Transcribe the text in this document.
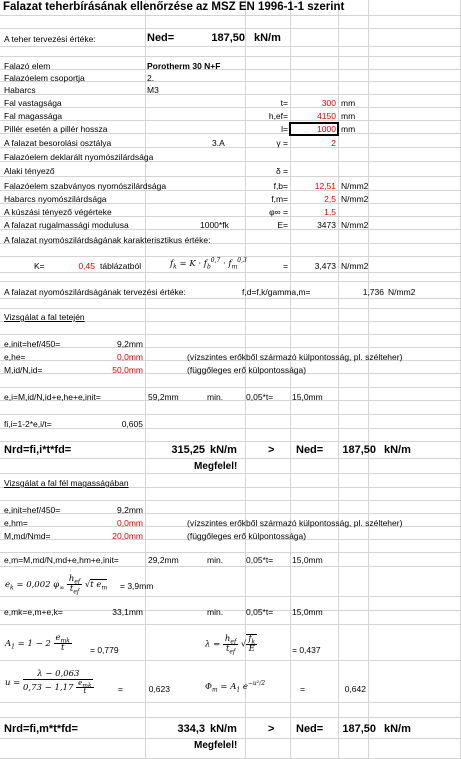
Falazat teherbírásának ellenőrzése az MSZ EN 1996-1-1 szerint
A teher tervezési értéke:	Ned=	187,50 kN/m
Falazó elem	Porotherm 30 N+F
Falazóelem csoportja	2.
Habarcs	M3
Fal vastagsága	t=	300 mm
Fal magassága	h,ef=	4150 mm
Pillér esetén a pillér hossza	l=	1000 mm
A falazat besorolási osztálya	3.A	γ =	2
Falazóelem deklarált nyomószilárdsága
Alaki tényező	δ =
Falazóelem szabványos nyomószilárdsága	f,b=	12,51 N/mm2
Habarcs nyomószilárdsága	f,m=	2,5 N/mm2
A kúszási tényező végérteke	φ∞ =	1,5
A falazat rugalmassági modulusa	1000*fk	E=	3473 N/mm2
A falazat nyomószilárdságának karakterisztikus értéke:
K=	0,45 táblázatból	$f_k = K \cdot f_b^{0,7} \cdot f_m^{0,3}$
=	3,473 N/mm2
A falazat nyomószilárdságának tervezési értéke:	f,d=f,k/gamma,m=	1,736 N/mm2
Vizsgálat a fal tetején
e,init=hef/450=	9,2mm
e,he=	0,0mm	(vízszintes erőkből származó külpontosság, pl. szélteher)
M,id/N,id=	50,0mm	(függőleges erő külpontossága)
e,i=M,id/N,id+e,he+e,init=	59,2mm	min.	0,05*t= 15,0mm
fi,i=1-2*e,i/t=	0,605
Nrd=fi,i*t*fd=	315,25 kN/m	> Ned=	187,50 kN/m
Megfelel!
Vizsgálat a fal fél magasságában
e,init=hef/450=	9,2mm
e,hm=	0,0mm	(vízszintes erőkből származó külpontosság, pl. szélteher)
M,md/Nmd=	20,0mm	(függőleges erő külpontossága)
e,m=M,md/N,md+e,hm+e,init=	29,2mm	min.	0,05*t= 15,0mm
$e_k = 0,002$ $\varphi_\infty \frac{h_{ef}}{t_{ef}} √t$ $e_m = 3,9mm$
e,mk=e,m+e,k=	33,1mm	min.	0,05*t= 15,0mm
$A_1 = 1 - 2 \frac{e_{mk}}{t} = 0,779$
$\lambda = \frac{h_{ef}}{t_{ef}}$ √ $\frac{f_k}{E}$	= 0,437
$u = \frac{\lambda - 0,063}{0,73 - 1,17 \frac{e_{mk}}{t}}$	=	0,623	$\Phi_m = A_1$ $e^{-u^2/2}$
=	0,642
Nrd=fi,m*t*fd=	334,3 kN/m	> Ned=	187,50 kN/m
Megfelel!
